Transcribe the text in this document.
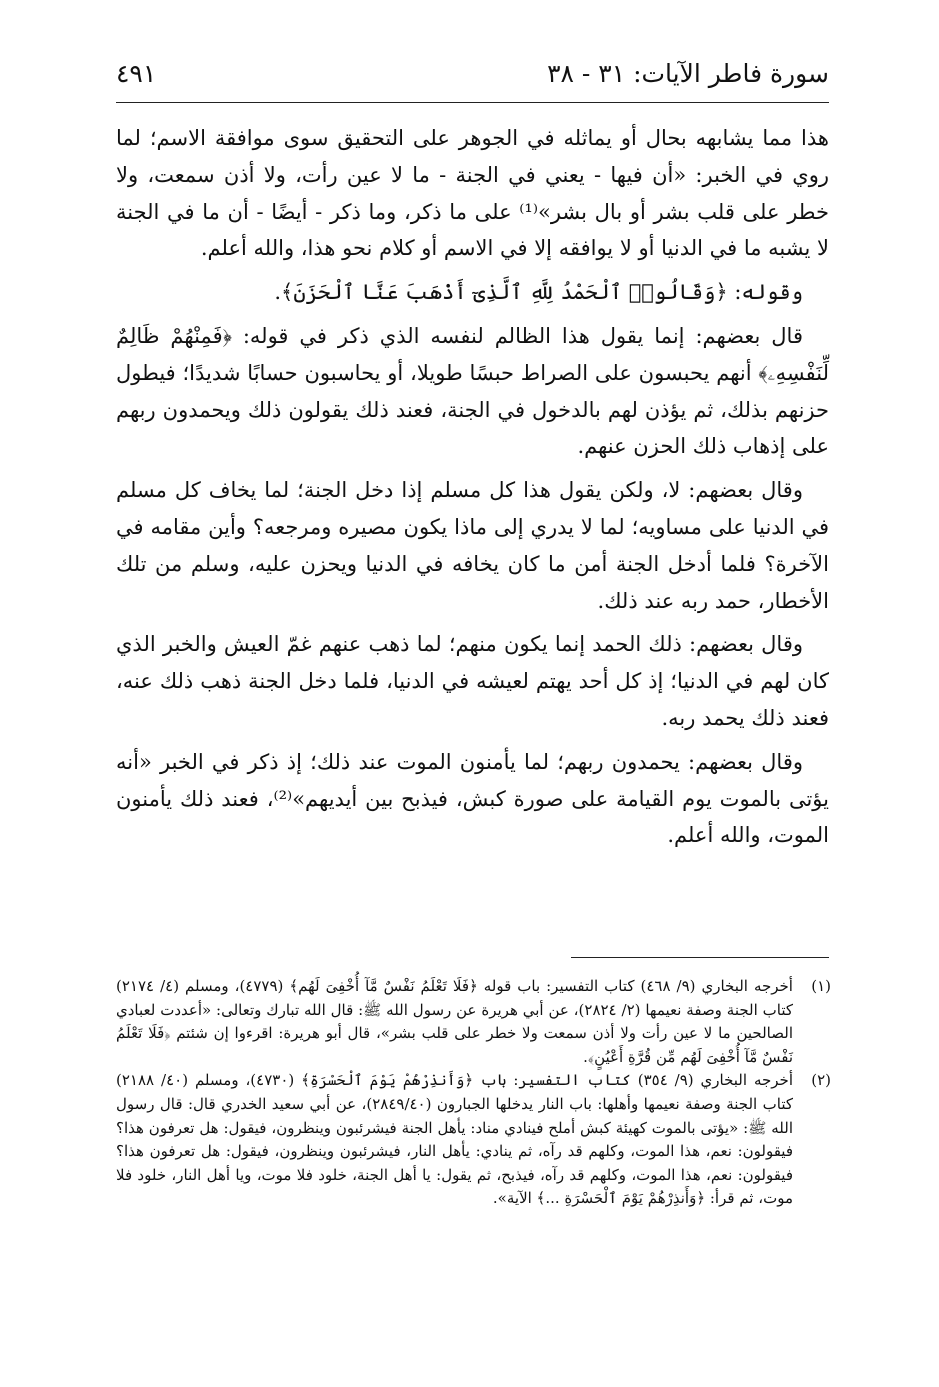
سورة فاطر الآيات: ٣١ - ٣٨
٤٩١

هذا مما يشابهه بحال أو يماثله في الجوهر على التحقيق سوى موافقة الاسم؛ لما روي في الخبر: «أن فيها - يعني في الجنة - ما لا عين رأت، ولا أذن سمعت، ولا خطر على قلب بشر أو بال بشر»⁽¹⁾ على ما ذكر، وما ذكر - أيضًا - أن ما في الجنة لا يشبه ما في الدنيا أو لا يوافقه إلا في الاسم أو كلام نحو هذا، والله أعلم.

وقوله: ﴿وَقَالُوا۟ ٱلْحَمْدُ لِلَّهِ ٱلَّذِىٓ أَذْهَبَ عَنَّا ٱلْحَزَنَ﴾.

قال بعضهم: إنما يقول هذا الظالم لنفسه الذي ذكر في قوله: ﴿فَمِنْهُمْ ظَالِمٌ لِّنَفْسِهِۦ﴾ أنهم يحبسون على الصراط حبسًا طويلا، أو يحاسبون حسابًا شديدًا؛ فيطول حزنهم بذلك، ثم يؤذن لهم بالدخول في الجنة، فعند ذلك يقولون ذلك ويحمدون ربهم على إذهاب ذلك الحزن عنهم.

وقال بعضهم: لا، ولكن يقول هذا كل مسلم إذا دخل الجنة؛ لما يخاف كل مسلم في الدنيا على مساويه؛ لما لا يدري إلى ماذا يكون مصيره ومرجعه؟ وأين مقامه في الآخرة؟ فلما أدخل الجنة أمن ما كان يخافه في الدنيا ويحزن عليه، وسلم من تلك الأخطار، حمد ربه عند ذلك.

وقال بعضهم: ذلك الحمد إنما يكون منهم؛ لما ذهب عنهم غمّ العيش والخبر الذي كان لهم في الدنيا؛ إذ كل أحد يهتم لعيشه في الدنيا، فلما دخل الجنة ذهب ذلك عنه، فعند ذلك يحمد ربه.

وقال بعضهم: يحمدون ربهم؛ لما يأمنون الموت عند ذلك؛ إذ ذكر في الخبر «أنه يؤتى بالموت يوم القيامة على صورة كبش، فيذبح بين أيديهم»⁽²⁾، فعند ذلك يأمنون الموت، والله أعلم.

(١)
أخرجه البخاري (٩/ ٤٦٨) كتاب التفسير: باب قوله ﴿فَلَا تَعْلَمُ نَفْسٌ مَّآ أُخْفِىَ لَهُم﴾ (٤٧٧٩)، ومسلم (٤/ ٢١٧٤) كتاب الجنة وصفة نعيمها (٢/ ٢٨٢٤)، عن أبي هريرة عن رسول الله ﷺ: قال الله تبارك وتعالى: «أعددت لعبادي الصالحين ما لا عين رأت ولا أذن سمعت ولا خطر على قلب بشر»، قال أبو هريرة: اقرءوا إن شئتم ﴿فَلَا تَعْلَمُ نَفْسٌ مَّآ أُخْفِىَ لَهُم مِّن قُرَّةِ أَعْيُنٍ﴾.
(٢)
أخرجه البخاري (٩/ ٣٥٤) كتاب التفسير: باب ﴿وَأَنذِرْهُمْ يَوْمَ ٱلْحَسْرَةِ﴾ (٤٧٣٠)، ومسلم (٤٠/ ٢١٨٨) كتاب الجنة وصفة نعيمها وأهلها: باب النار يدخلها الجبارون (٢٨٤٩/٤٠)، عن أبي سعيد الخدري قال: قال رسول الله ﷺ: «يؤتى بالموت كهيئة كبش أملح فينادي مناد: يأهل الجنة فيشرئبون وينظرون، فيقول: هل تعرفون هذا؟ فيقولون: نعم، هذا الموت، وكلهم قد رآه، ثم ينادي: يأهل النار، فيشرئبون وينظرون، فيقول: هل تعرفون هذا؟ فيقولون: نعم، هذا الموت، وكلهم قد رآه، فيذبح، ثم يقول: يا أهل الجنة، خلود فلا موت، ويا أهل النار، خلود فلا موت، ثم قرأ: ﴿وَأَنذِرْهُمْ يَوْمَ ٱلْحَسْرَةِ ...﴾ الآية».
